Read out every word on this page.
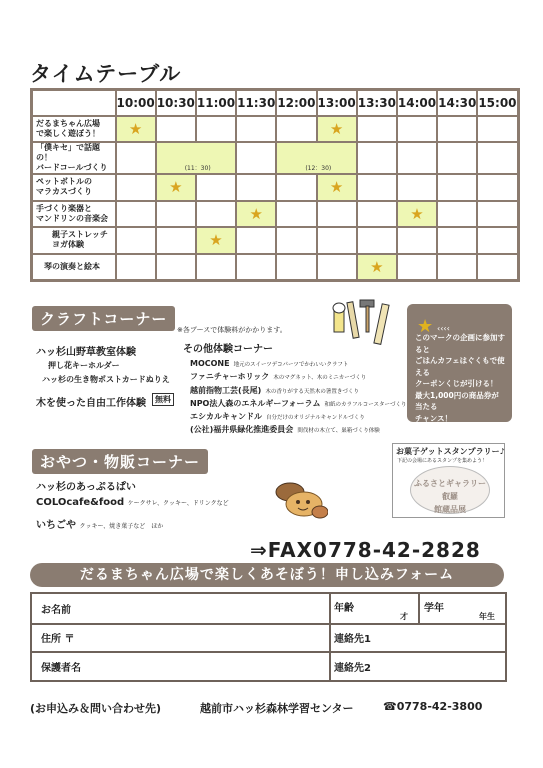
タイムテーブル
	10:00	10:30	11:00	11:30	12:00	13:00	13:30	14:00	14:30	15:00

だるまちゃん広場
で楽しく遊ぼう！	★					★				

「僕キセ」で話題の！
バードコールづくり		(11：30)			(12：30)					

ペットボトルの
マラカスづくり		★				★				

手づくり楽器と
マンドリンの音楽会				★				★		

　　親子ストレッチ
　　ヨガ体験			★							

　琴の演奏と絵本							★			

クラフトコーナー
※各ブースで体験料がかかります。
ハッ杉山野草教室体験
押し花キーホルダー
ハッ杉の生き物ポストカードぬりえ
木を使った自由工作体験	無料
その他体験コーナー
MOCONE 地元のスイーツデコパーツでかわいいクラフト
ファニチャーホリック 木のマグネット、木のミニカーづくり
越前指物工芸(長尾) 木の香りがする天然木の箸置きづくり
NPO法人森のエネルギーフォーラム 和紙のカラフルコースターづくり
エシカルキャンドル 自分だけのオリジナルキャンドルづくり
(公社)福井県緑化推進委員会 間伐材の木立て、巣箱づくり体験
このマークの企画に参加すると
ごはんカフェはぐくもで使える
クーポンくじが引ける！
最大1,000円の商品券が当たる
チャンス！
★ ‹‹‹‹
おやつ・物販コーナー
ハッ杉のあっぷるぱい
COLOcafe&food ケークサレ、クッキー、ドリンクなど
いちごや クッキー、焼き菓子など　ほか
お菓子ゲットスタンプラリー♪
下記の会場にあるスタンプを集めよう！
ふるさとギャラリー叡羅
館蔵品展
⇒FAX0778-42-2828
だるまちゃん広場で楽しくあそぼう！申し込みフォーム
お名前	年齢
才
学年
年生
住所 〒	連絡先1
保護者名	連絡先2
(お申込み＆問い合わせ先)	越前市ハッ杉森林学習センター	☎0778-42-3800
